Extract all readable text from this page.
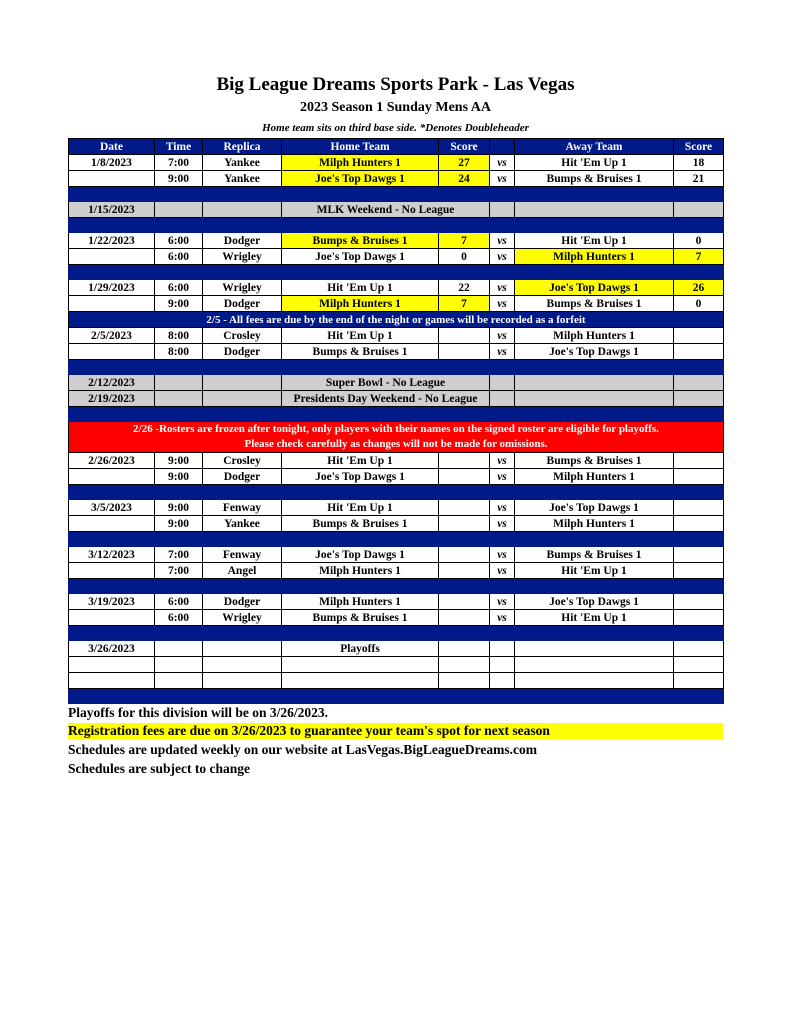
Big League Dreams Sports Park - Las Vegas
2023 Season 1 Sunday Mens AA
Home team sits on third base side. *Denotes Doubleheader
Date	Time	Replica	Home Team	Score		Away Team	Score
1/8/2023	7:00	Yankee	Milph Hunters 1	27	vs	Hit 'Em Up 1	18
	9:00	Yankee	Joe's Top Dawgs 1	24	vs	Bumps & Bruises 1	21

1/15/2023			MLK Weekend - No League				

1/22/2023	6:00	Dodger	Bumps & Bruises 1	7	vs	Hit 'Em Up 1	0
	6:00	Wrigley	Joe's Top Dawgs 1	0	vs	Milph Hunters 1	7

1/29/2023	6:00	Wrigley	Hit 'Em Up 1	22	vs	Joe's Top Dawgs 1	26
	9:00	Dodger	Milph Hunters 1	7	vs	Bumps & Bruises 1	0
2/5 - All fees are due by the end of the night or games will be recorded as a forfeit							
2/5/2023	8:00	Crosley	Hit 'Em Up 1		vs	Milph Hunters 1	
	8:00	Dodger	Bumps & Bruises 1		vs	Joe's Top Dawgs 1	

2/12/2023			Super Bowl - No League				
2/19/2023			Presidents Day Weekend - No League				

2/26 -Rosters are frozen after tonight, only players with their names on the signed roster are eligible for playoffs.
Please check carefully as changes will not be made for omissions.							

2/26/2023	9:00	Crosley	Hit 'Em Up 1		vs	Bumps & Bruises 1	
	9:00	Dodger	Joe's Top Dawgs 1		vs	Milph Hunters 1	

3/5/2023	9:00	Fenway	Hit 'Em Up 1		vs	Joe's Top Dawgs 1	
	9:00	Yankee	Bumps & Bruises 1		vs	Milph Hunters 1	

3/12/2023	7:00	Fenway	Joe's Top Dawgs 1		vs	Bumps & Bruises 1	
	7:00	Angel	Milph Hunters 1		vs	Hit 'Em Up 1	

3/19/2023	6:00	Dodger	Milph Hunters 1		vs	Joe's Top Dawgs 1	
	6:00	Wrigley	Bumps & Bruises 1		vs	Hit 'Em Up 1	

3/26/2023			Playoffs				

Playoffs for this division will be on 3/26/2023.
Registration fees are due on 3/26/2023 to guarantee your team's spot for next season
Schedules are updated weekly on our website at LasVegas.BigLeagueDreams.com
Schedules are subject to change
